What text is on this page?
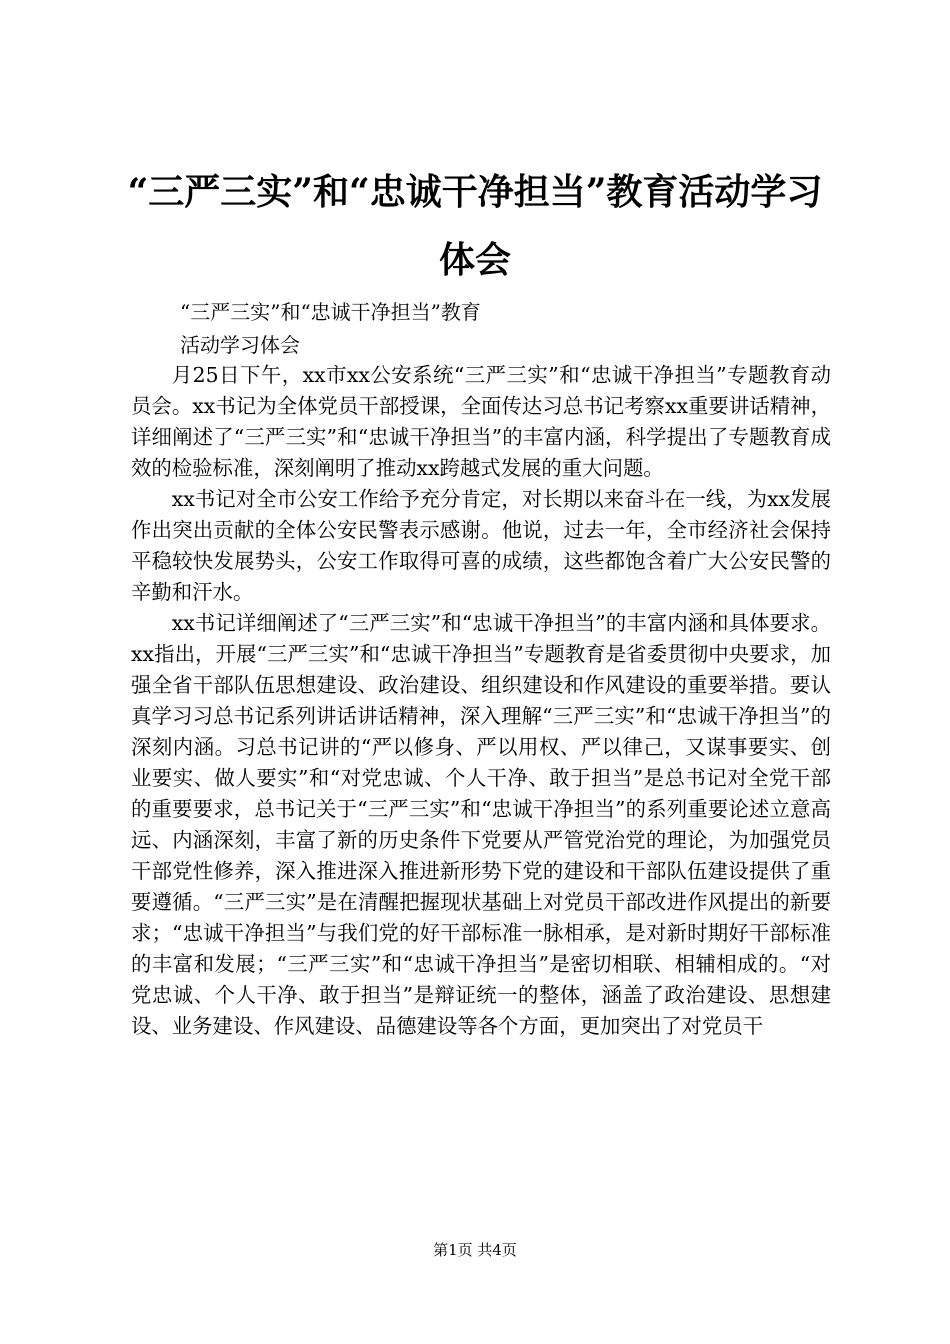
“三严三实”和“忠诚干净担当”教育活动学习体会
“三严三实”和“忠诚干净担当”教育
活动学习体会

月25日下午，xx市xx公安系统“三严三实”和“忠诚干净担当”专题教育动员会。xx书记为全体党员干部授课，全面传达习总书记考察xx重要讲话精神，详细阐述了“三严三实”和“忠诚干净担当”的丰富内涵，科学提出了专题教育成效的检验标准，深刻阐明了推动xx跨越式发展的重大问题。

xx书记对全市公安工作给予充分肯定，对长期以来奋斗在一线，为xx发展作出突出贡献的全体公安民警表示感谢。他说，过去一年，全市经济社会保持平稳较快发展势头，公安工作取得可喜的成绩，这些都饱含着广大公安民警的辛勤和汗水。

xx书记详细阐述了“三严三实”和“忠诚干净担当”的丰富内涵和具体要求。xx指出，开展“三严三实”和“忠诚干净担当”专题教育是省委贯彻中央要求，加强全省干部队伍思想建设、政治建设、组织建设和作风建设的重要举措。要认真学习习总书记系列讲话讲话精神，深入理解“三严三实”和“忠诚干净担当”的深刻内涵。习总书记讲的“严以修身、严以用权、严以律己，又谋事要实、创业要实、做人要实”和“对党忠诚、个人干净、敢于担当”是总书记对全党干部的重要要求，总书记关于“三严三实”和“忠诚干净担当”的系列重要论述立意高远、内涵深刻，丰富了新的历史条件下党要从严管党治党的理论，为加强党员干部党性修养，深入推进深入推进新形势下党的建设和干部队伍建设提供了重要遵循。“三严三实”是在清醒把握现状基础上对党员干部改进作风提出的新要求；“忠诚干净担当”与我们党的好干部标准一脉相承，是对新时期好干部标准的丰富和发展；“三严三实”和“忠诚干净担当”是密切相联、相辅相成的。“对党忠诚、个人干净、敢于担当”是辩证统一的整体，涵盖了政治建设、思想建设、业务建设、作风建设、品德建设等各个方面，更加突出了对党员干

第1页 共4页
